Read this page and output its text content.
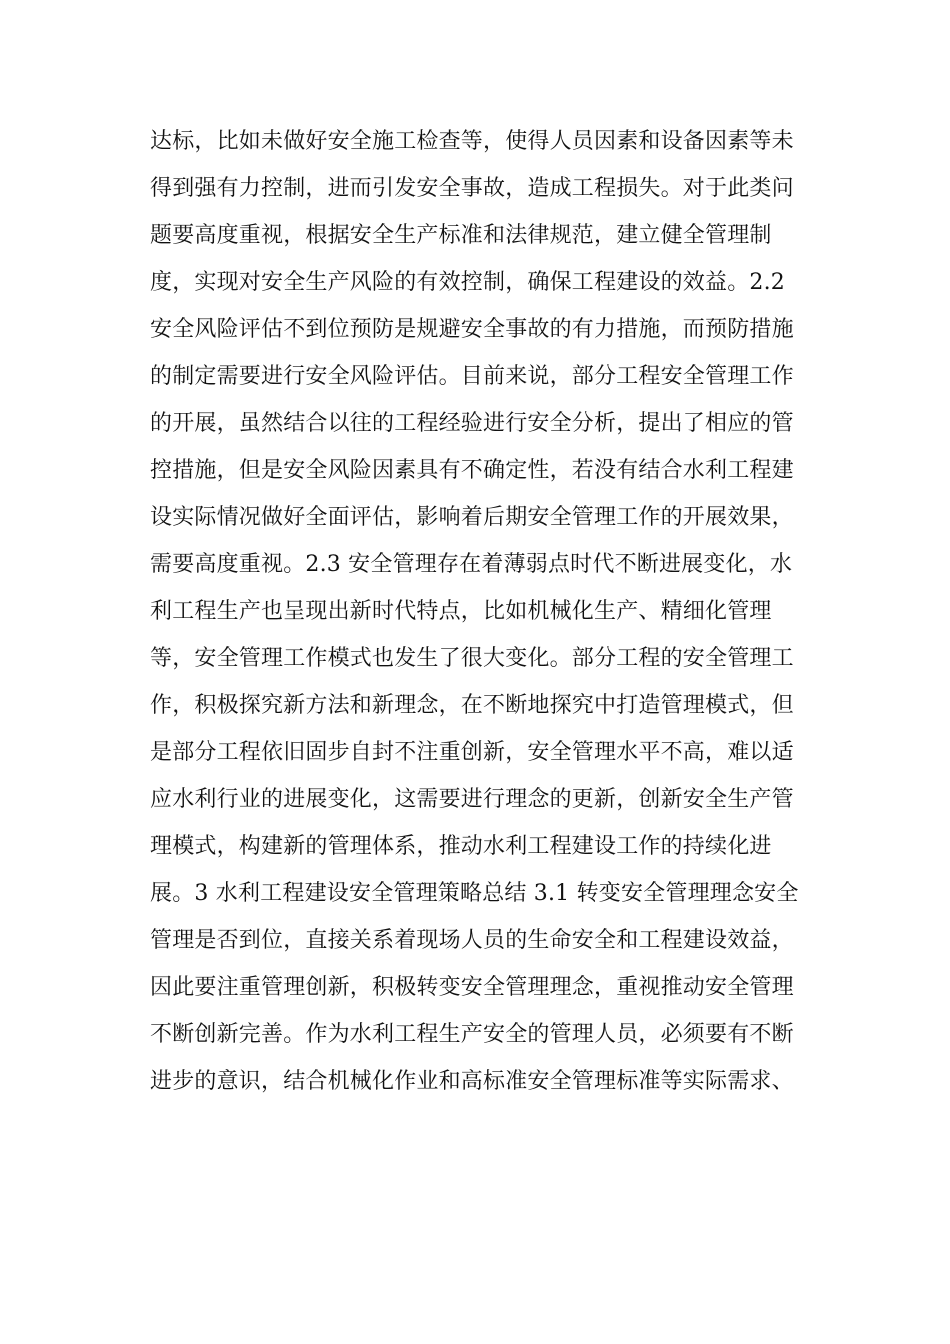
达标，比如未做好安全施工检查等，使得人员因素和设备因素等未
得到强有力控制，进而引发安全事故，造成工程损失。对于此类问
题要高度重视，根据安全生产标准和法律规范，建立健全管理制
度，实现对安全生产风险的有效控制，确保工程建设的效益。2.2
安全风险评估不到位预防是规避安全事故的有力措施，而预防措施
的制定需要进行安全风险评估。目前来说，部分工程安全管理工作
的开展，虽然结合以往的工程经验进行安全分析，提出了相应的管
控措施，但是安全风险因素具有不确定性，若没有结合水利工程建
设实际情况做好全面评估，影响着后期安全管理工作的开展效果，
需要高度重视。2.3 安全管理存在着薄弱点时代不断进展变化，水
利工程生产也呈现出新时代特点，比如机械化生产、精细化管理
等，安全管理工作模式也发生了很大变化。部分工程的安全管理工
作，积极探究新方法和新理念，在不断地探究中打造管理模式，但
是部分工程依旧固步自封不注重创新，安全管理水平不高，难以适
应水利行业的进展变化，这需要进行理念的更新，创新安全生产管
理模式，构建新的管理体系，推动水利工程建设工作的持续化进
展。3 水利工程建设安全管理策略总结 3.1 转变安全管理理念安全
管理是否到位，直接关系着现场人员的生命安全和工程建设效益，
因此要注重管理创新，积极转变安全管理理念，重视推动安全管理
不断创新完善。作为水利工程生产安全的管理人员，必须要有不断
进步的意识，结合机械化作业和高标准安全管理标准等实际需求、
